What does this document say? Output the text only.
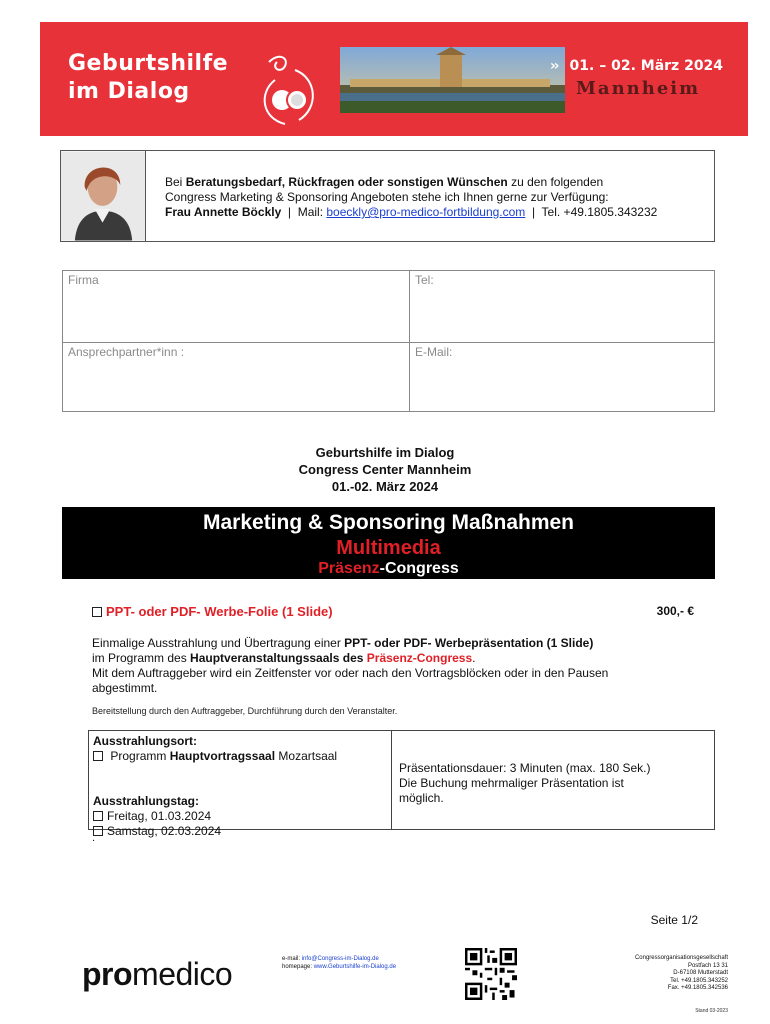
Geburtshilfe
im Dialog
›› 01. – 02. März 2024
Mannheim
Bei Beratungsbedarf, Rückfragen oder sonstigen Wünschen zu den folgenden
Congress Marketing & Sponsoring Angeboten stehe ich Ihnen gerne zur Verfügung:
Frau Annette Böckly  |  Mail: boeckly@pro-medico-fortbildung.com  |  Tel. +49.1805.343232
Firma	Tel:
Ansprechpartner*inn :	E-Mail:
Geburtshilfe im Dialog
Congress Center Mannheim
01.-02. März 2024
Marketing & Sponsoring Maßnahmen
Multimedia
Präsenz-Congress
PPT- oder PDF- Werbe-Folie (1 Slide)	300,- €
Einmalige Ausstrahlung und Übertragung einer PPT- oder PDF- Werbepräsentation (1 Slide)
im Programm des Hauptveranstaltungssaals des Präsenz-Congress.
Mit dem Auftraggeber wird ein Zeitfenster vor oder nach den Vortragsblöcken oder in den Pausen
abgestimmt.
Bereitstellung durch den Auftraggeber, Durchführung durch den Veranstalter.
Ausstrahlungsort:
Programm Hauptvortragssaal Mozartsaal
Ausstrahlungstag:
Freitag, 01.03.2024
Samstag, 02.03.2024
Präsentationsdauer: 3 Minuten (max. 180 Sek.)
Die Buchung mehrmaliger Präsentation ist
möglich.
.
Seite 1/2
promedico	e-mail: info@Congress-im-Dialog.de
homepage: www.Geburtshilfe-im-Dialog.de
Congressorganisationsgesellschaft
Postfach 13 31
D-67108 Mutterstadt
Tel. +49.1805.343252
Fax. +49.1805.342536
Stand 03-2023
